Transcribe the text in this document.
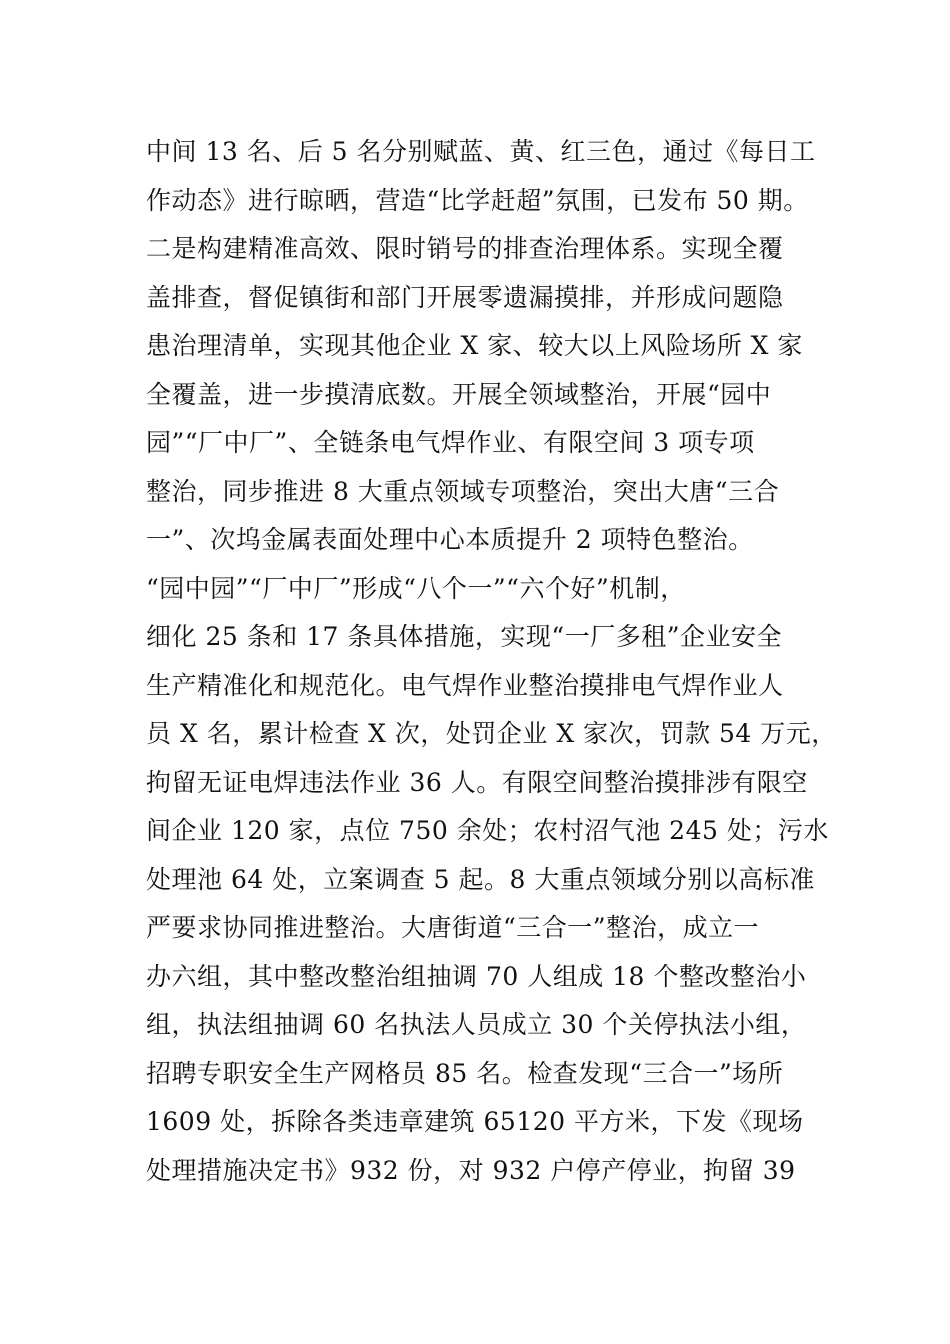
中间 13 名、后 5 名分别赋蓝、黄、红三色，通过《每日工
作动态》进行晾晒，营造“比学赶超”氛围，已发布 50 期。
二是构建精准高效、限时销号的排查治理体系。实现全覆
盖排查，督促镇街和部门开展零遗漏摸排，并形成问题隐
患治理清单，实现其他企业 X 家、较大以上风险场所 X 家
全覆盖，进一步摸清底数。开展全领域整治，开展“园中
园”“厂中厂”、全链条电气焊作业、有限空间 3 项专项
整治，同步推进 8 大重点领域专项整治，突出大唐“三合
一”、次坞金属表面处理中心本质提升 2 项特色整治。
“园中园”“厂中厂”形成“八个一”“六个好”机制，
细化 25 条和 17 条具体措施，实现“一厂多租”企业安全
生产精准化和规范化。电气焊作业整治摸排电气焊作业人
员 X 名，累计检查 X 次，处罚企业 X 家次，罚款 54 万元，
拘留无证电焊违法作业 36 人。有限空间整治摸排涉有限空
间企业 120 家，点位 750 余处；农村沼气池 245 处；污水
处理池 64 处，立案调查 5 起。8 大重点领域分别以高标准
严要求协同推进整治。大唐街道“三合一”整治，成立一
办六组，其中整改整治组抽调 70 人组成 18 个整改整治小
组，执法组抽调 60 名执法人员成立 30 个关停执法小组，
招聘专职安全生产网格员 85 名。检查发现“三合一”场所
1609 处，拆除各类违章建筑 65120 平方米，下发《现场
处理措施决定书》932 份，对 932 户停产停业，拘留 39
